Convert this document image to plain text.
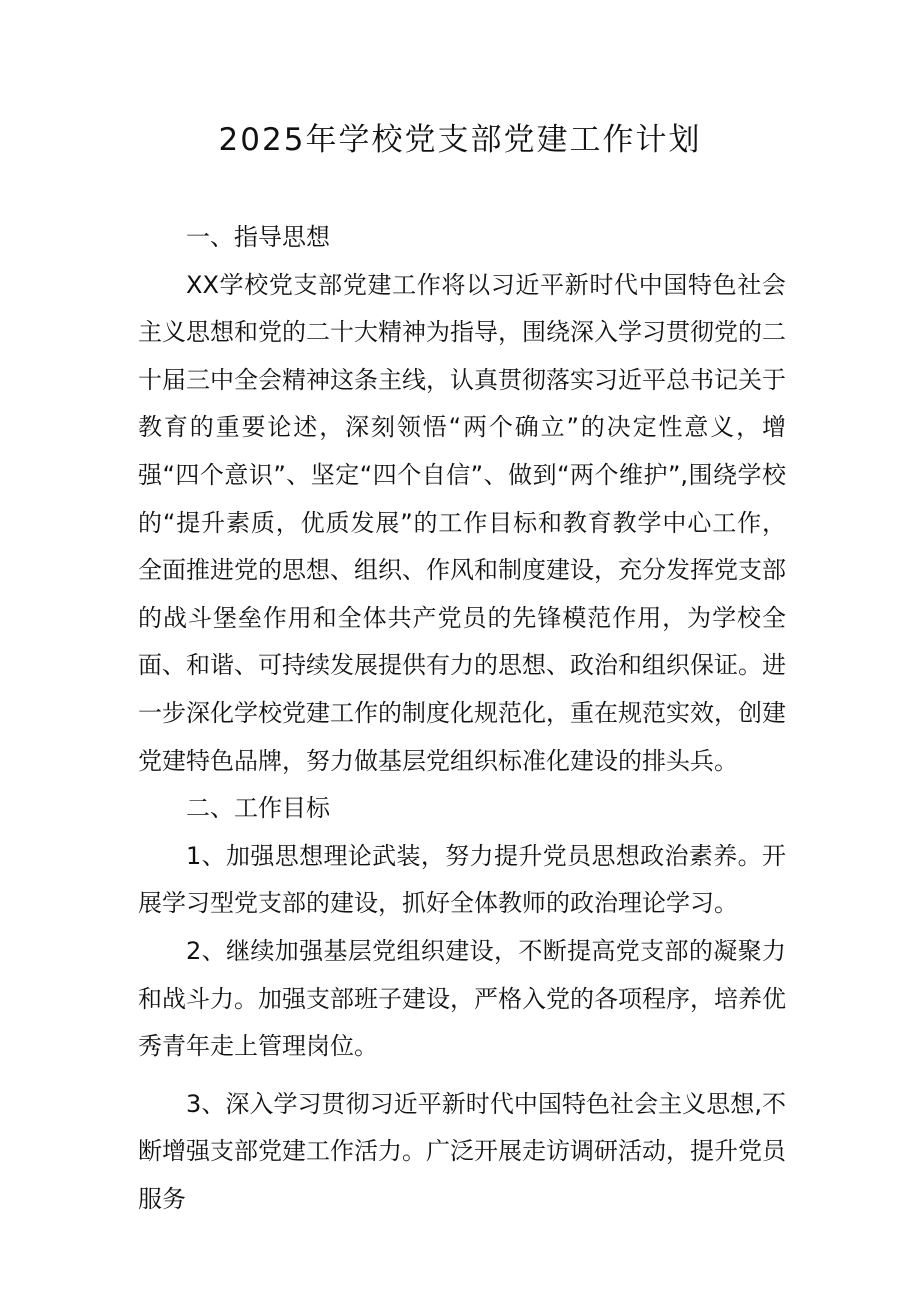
2025年学校党支部党建工作计划

一、指导思想

XX学校党支部党建工作将以习近平新时代中国特色社会主义思想和党的二十大精神为指导，围绕深入学习贯彻党的二十届三中全会精神这条主线，认真贯彻落实习近平总书记关于教育的重要论述，深刻领悟“两个确立”的决定性意义，增强“四个意识”、坚定“四个自信”、做到“两个维护”,围绕学校的“提升素质，优质发展”的工作目标和教育教学中心工作，全面推进党的思想、组织、作风和制度建设，充分发挥党支部的战斗堡垒作用和全体共产党员的先锋模范作用，为学校全面、和谐、可持续发展提供有力的思想、政治和组织保证。进一步深化学校党建工作的制度化规范化，重在规范实效，创建党建特色品牌，努力做基层党组织标准化建设的排头兵。

二、工作目标

1、加强思想理论武装，努力提升党员思想政治素养。开展学习型党支部的建设，抓好全体教师的政治理论学习。

2、继续加强基层党组织建设，不断提高党支部的凝聚力和战斗力。加强支部班子建设，严格入党的各项程序，培养优秀青年走上管理岗位。

3、深入学习贯彻习近平新时代中国特色社会主义思想,不断增强支部党建工作活力。广泛开展走访调研活动，提升党员服务
